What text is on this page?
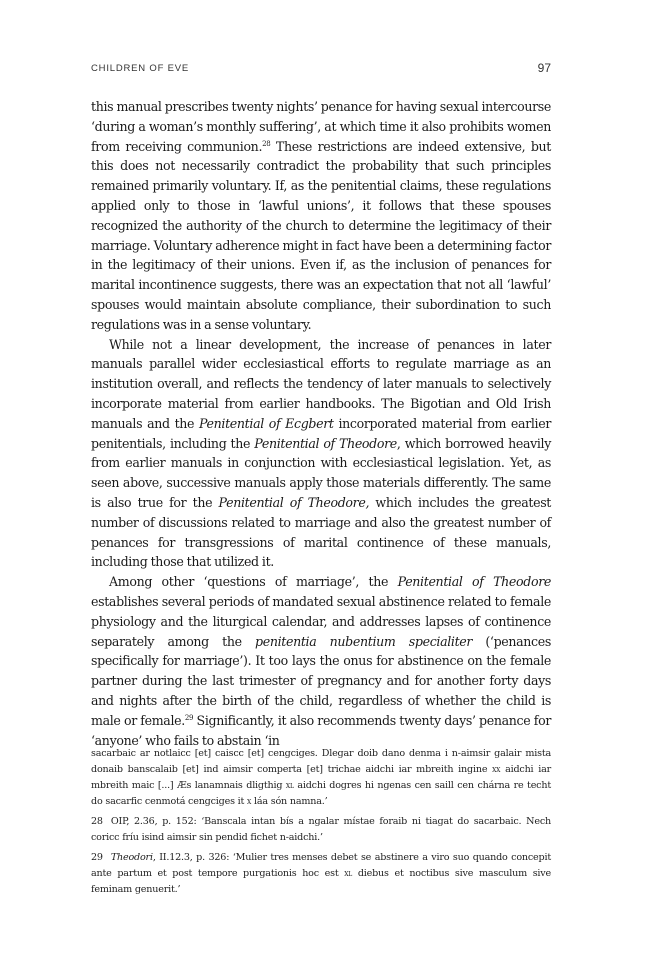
CHILDREN OF EVE	97

this manual prescribes twenty nights’ penance for having sexual intercourse ‘during a woman’s monthly suffering’, at which time it also prohibits women from receiving communion.$^{28}$ These restrictions are indeed extensive, but this does not necessarily contradict the probability that such principles remained primarily voluntary. If, as the penitential claims, these regulations applied only to those in ‘lawful unions’, it follows that these spouses recognized the authority of the church to determine the legitimacy of their marriage. Voluntary adherence might in fact have been a determining factor in the legitimacy of their unions. Even if, as the inclusion of penances for marital incontinence suggests, there was an expectation that not all ‘lawful’ spouses would maintain absolute compliance, their subordination to such regulations was in a sense voluntary.

While not a linear development, the increase of penances in later manuals parallel wider ecclesiastical efforts to regulate marriage as an institution overall, and reflects the tendency of later manuals to selectively incorporate material from earlier handbooks. The Bigotian and Old Irish manuals and the Penitential of Ecgbert incorporated material from earlier penitentials, including the Penitential of Theodore, which borrowed heavily from earlier manuals in conjunction with ecclesiastical legislation. Yet, as seen above, successive manuals apply those materials differently. The same is also true for the Penitential of Theodore, which includes the greatest number of discussions related to marriage and also the greatest number of penances for transgressions of marital continence of these manuals, including those that utilized it.

Among other ‘questions of marriage’, the Penitential of Theodore establishes several periods of mandated sexual abstinence related to female physiology and the liturgical calendar, and addresses lapses of continence separately among the penitentia nubentium specialiter (‘penances specifically for marriage’). It too lays the onus for abstinence on the female partner during the last trimester of pregnancy and for another forty days and nights after the birth of the child, regardless of whether the child is male or female.$^{29}$ Significantly, it also recommends twenty days’ penance for ‘anyone’ who fails to abstain ‘in

sacarbaic ar notlaicc [et] caiscc [et] cengciges. Dlegar doib dano denma i n-aimsir galair mista donaib banscalaib [et] ind aimsir comperta [et] trichae aidchi iar mbreith ingine xx aidchi iar mbreith maic [...] Æs lanamnais dligthig xl aidchi dogres hi ngenas cen saill cen chárna re techt do sacarfic cenmotá cengciges it x láa són namna.’

28 OIP, 2.36, p. 152: ‘Banscala intan bís a ngalar místae foraib ni tiagat do sacarbaic. Nech coricc fríu isind aimsir sin pendid fichet n-aidchi.’

29 Theodori, II.12.3, p. 326: ‘Mulier tres menses debet se abstinere a viro suo quando concepit ante partum et post tempore purgationis hoc est xl diebus et noctibus sive masculum sive feminam genuerit.’
